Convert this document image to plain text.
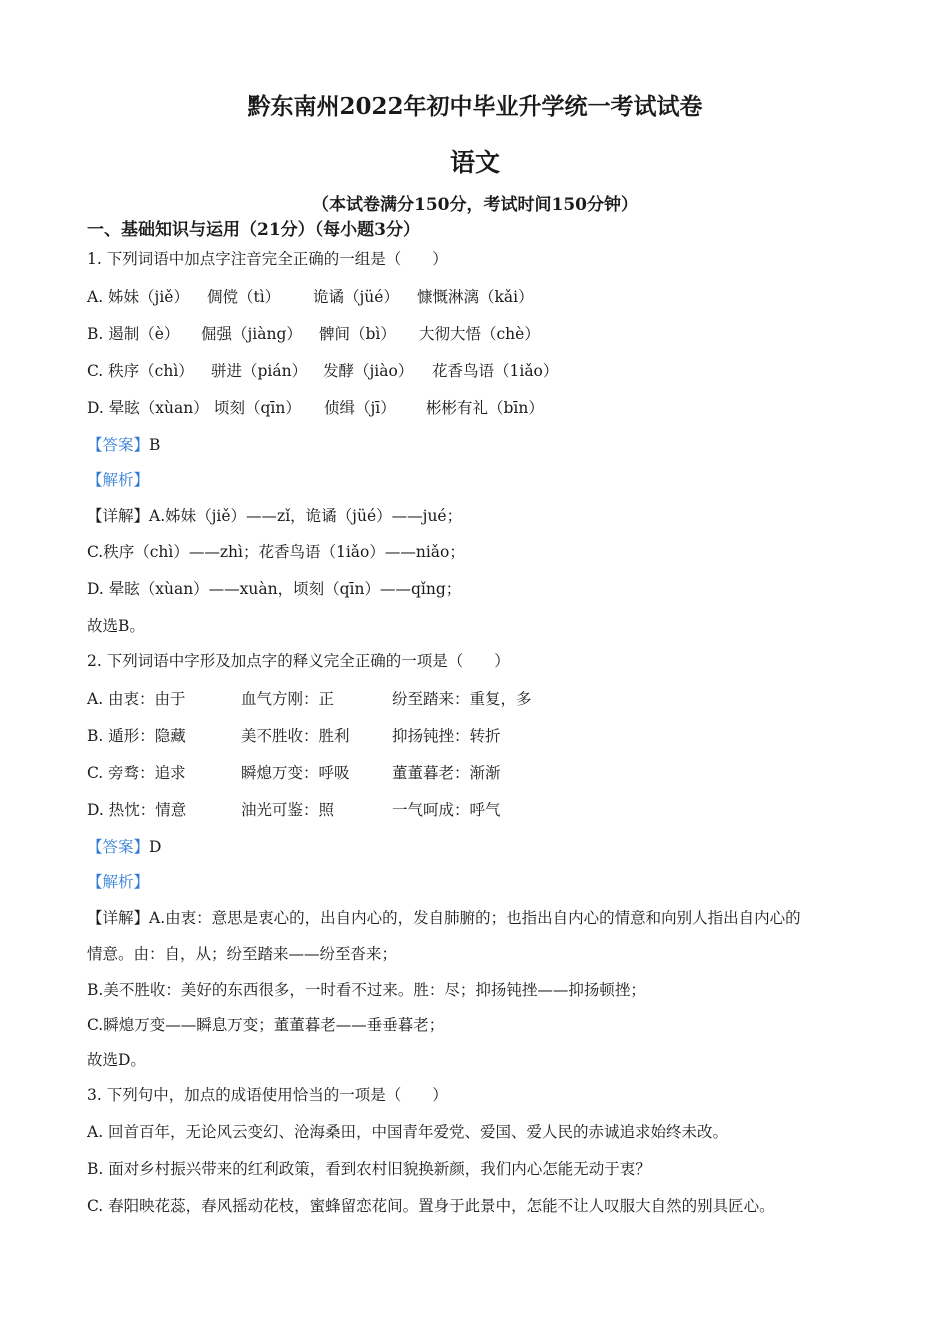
黔东南州2022年初中毕业升学统一考试试卷
语文
（本试卷满分150分，考试时间150分钟）
一、基础知识与运用（21分）（每小题3分）
1. 下列词语中加点字注音完全正确的一组是（　　）
A. 姊妹（jiě） 倜傥（tì） 诡谲（jüé） 慷慨淋漓（kǎi）
B. 遏制（è） 倔强（jiàng） 髀间（bì） 大彻大悟（chè）
C. 秩序（chì） 骈进（pián） 发酵（jiào） 花香鸟语（1iǎo）
D. 晕眩（xùan） 顷刻（qīn） 侦缉（jī） 彬彬有礼（bīn）
【答案】B
【解析】
【详解】A.姊妹（jiě）——zǐ，诡谲（jüé）——jué；
C.秩序（chì）——zhì；花香鸟语（1iǎo）——niǎo；
D. 晕眩（xùan）——xuàn，顷刻（qīn）——qǐng；
故选B。
2. 下列词语中字形及加点字的释义完全正确的一项是（　　）
A. 由衷：由于	血气方刚：正	纷至踏来：重复，多
B. 遁形：隐藏	美不胜收：胜利	抑扬钝挫：转折
C. 旁骛：追求	瞬熄万变：呼吸	董董暮老：渐渐
D. 热忱：情意	油光可鉴：照	一气呵成：呼气
【答案】D
【解析】
【详解】A.由衷：意思是衷心的，出自内心的，发自肺腑的；也指出自内心的情意和向别人指出自内心的
情意。由：自，从；纷至踏来——纷至沓来；
B.美不胜收：美好的东西很多，一时看不过来。胜：尽；抑扬钝挫——抑扬顿挫；
C.瞬熄万变——瞬息万变；董董暮老——垂垂暮老；
故选D。
3. 下列句中，加点的成语使用恰当的一项是（　　）
A. 回首百年，无论风云变幻、沧海桑田，中国青年爱党、爱国、爱人民的赤诚追求始终未改。
B. 面对乡村振兴带来的红利政策，看到农村旧貌换新颜，我们内心怎能无动于衷？
C. 春阳映花蕊，春风摇动花枝，蜜蜂留恋花间。置身于此景中，怎能不让人叹服大自然的别具匠心。
